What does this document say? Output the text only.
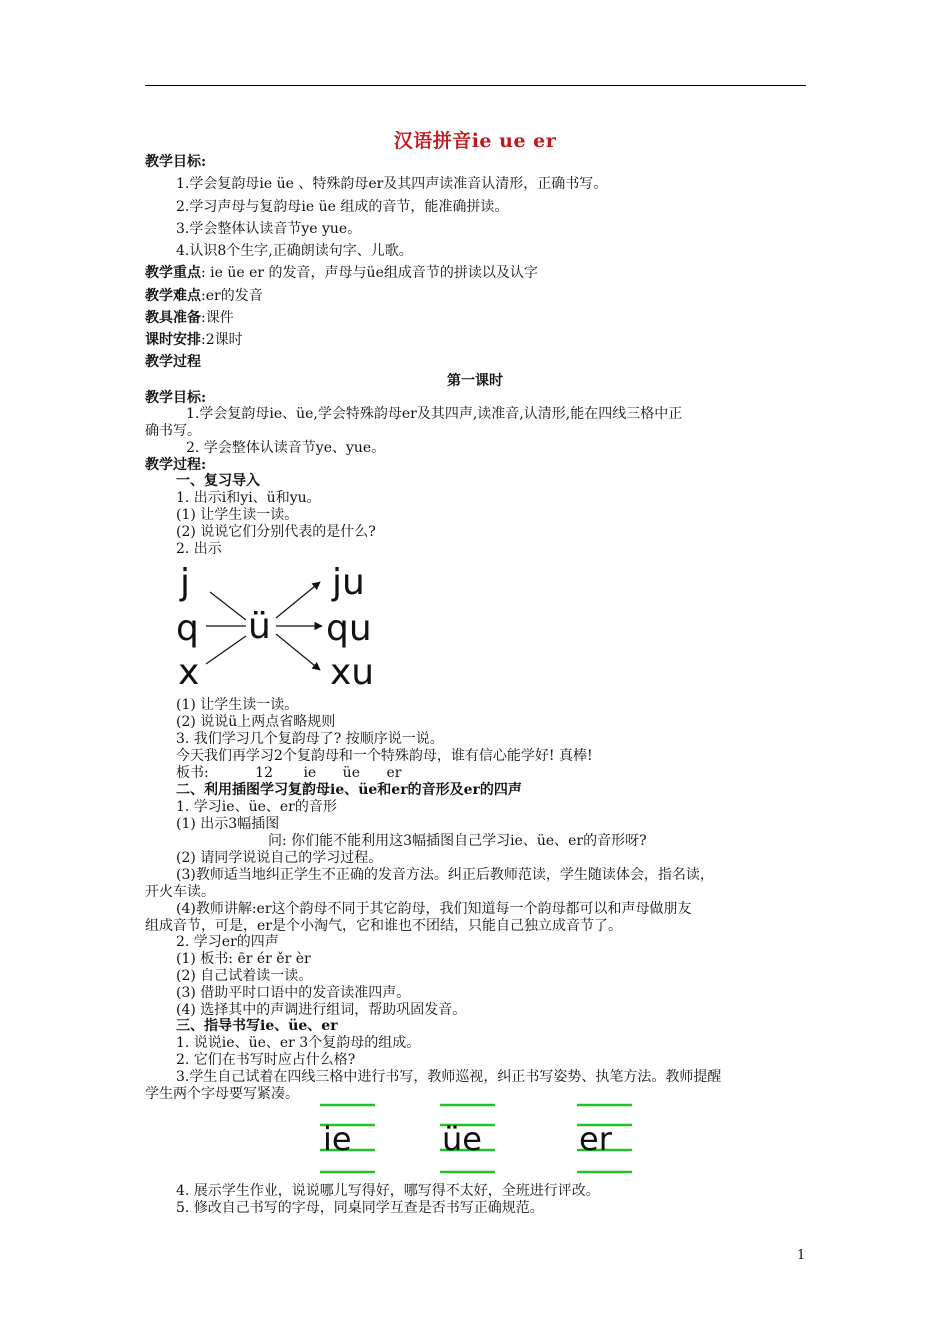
汉语拼音ie ue er
教学目标:
1.学会复韵母ie üe 、特殊韵母er及其四声读准音认清形，正确书写。
2.学习声母与复韵母ie üe 组成的音节，能准确拼读。
3.学会整体认读音节ye yue。
4.认识8个生字,正确朗读句字、儿歌。
教学重点: ie üe er 的发音，声母与üe组成音节的拼读以及认字
教学难点:er的发音
教具准备:课件
课时安排:2课时
教学过程
第一课时
教学目标:
1.学会复韵母ie、üe,学会特殊韵母er及其四声,读准音,认清形,能在四线三格中正
确书写。
2. 学会整体认读音节ye、yue。
教学过程:
一、复习导入
1. 出示i和yi、ü和yu。
(1) 让学生读一读。
(2) 说说它们分别代表的是什么?
2. 出示
j
q
x
ü
ju
qu
xu
(1) 让学生读一读。
(2) 说说ü上两点省略规则
3. 我们学习几个复韵母了? 按顺序说一说。
今天我们再学习2个复韵母和一个特殊韵母，谁有信心能学好! 真棒!
板书:	12 ie üe er
二、利用插图学习复韵母ie、üe和er的音形及er的四声
1. 学习ie、üe、er的音形
(1) 出示3幅插图
问: 你们能不能利用这3幅插图自己学习ie、üe、er的音形呀?
(2) 请同学说说自己的学习过程。
(3)教师适当地纠正学生不正确的发音方法。纠正后教师范读，学生随读体会，指名读，
开火车读。
(4)教师讲解:er这个韵母不同于其它韵母，我们知道每一个韵母都可以和声母做朋友
组成音节，可是，er是个小淘气，它和谁也不团结，只能自己独立成音节了。
2. 学习er的四声
(1) 板书: ēr ér ěr èr
(2) 自己试着读一读。
(3) 借助平时口语中的发音读准四声。
(4) 选择其中的声调进行组词，帮助巩固发音。
三、指导书写ie、üe、er
1. 说说ie、üe、er 3个复韵母的组成。
2. 它们在书写时应占什么格?
3.学生自己试着在四线三格中进行书写，教师巡视，纠正书写姿势、执笔方法。教师提醒
学生两个字母要写紧凑。
ie	üe	er
4. 展示学生作业，说说哪儿写得好，哪写得不太好，全班进行评改。
5. 修改自己书写的字母，同桌同学互查是否书写正确规范。
1
